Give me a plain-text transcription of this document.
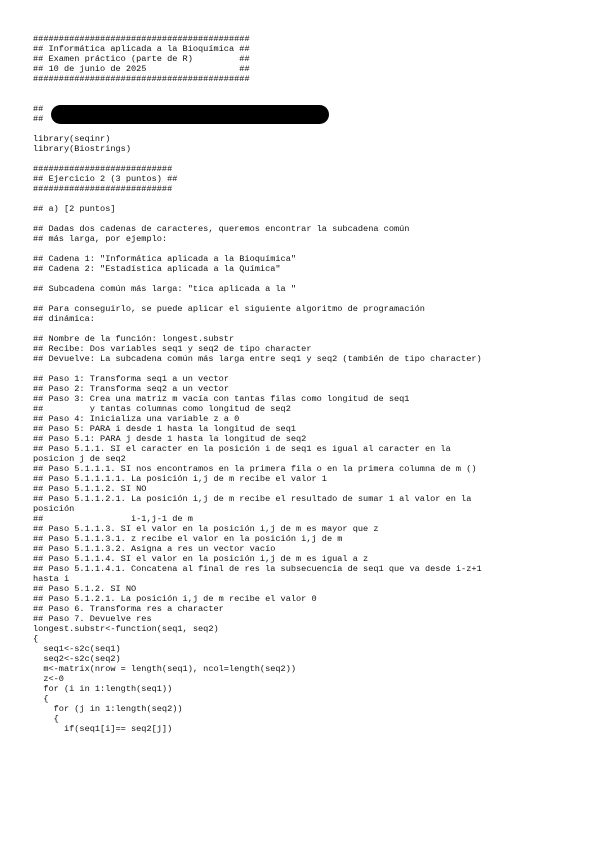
##########################################
## Informática aplicada a la Bioquímica ##
## Examen práctico (parte de R)         ##
## 10 de junio de 2025                  ##
##########################################
##
##
library(seqinr)
library(Biostrings)
###########################
## Ejercicio 2 (3 puntos) ##
###########################
## a) [2 puntos]
## Dadas dos cadenas de caracteres, queremos encontrar la subcadena común
## más larga, por ejemplo:
## Cadena 1: "Informática aplicada a la Bioquímica"
## Cadena 2: "Estadística aplicada a la Química"
## Subcadena común más larga: "tica aplicada a la "
## Para conseguirlo, se puede aplicar el siguiente algoritmo de programación
## dinámica:
## Nombre de la función: longest.substr
## Recibe: Dos variables seq1 y seq2 de tipo character
## Devuelve: La subcadena común más larga entre seq1 y seq2 (también de tipo character)
## Paso 1: Transforma seq1 a un vector
## Paso 2: Transforma seq2 a un vector
## Paso 3: Crea una matriz m vacía con tantas filas como longitud de seq1
##         y tantas columnas como longitud de seq2
## Paso 4: Inicializa una variable z a 0
## Paso 5: PARA i desde 1 hasta la longitud de seq1
## Paso 5.1: PARA j desde 1 hasta la longitud de seq2
## Paso 5.1.1. SI el caracter en la posición i de seq1 es igual al caracter en la
posicion j de seq2
## Paso 5.1.1.1. SI nos encontramos en la primera fila o en la primera columna de m ()
## Paso 5.1.1.1.1. La posición i,j de m recibe el valor 1
## Paso 5.1.1.2. SI NO
## Paso 5.1.1.2.1. La posición i,j de m recibe el resultado de sumar 1 al valor en la
posición
##                 i-1,j-1 de m
## Paso 5.1.1.3. SI el valor en la posición i,j de m es mayor que z
## Paso 5.1.1.3.1. z recibe el valor en la posición i,j de m
## Paso 5.1.1.3.2. Asigna a res un vector vacío
## Paso 5.1.1.4. SI el valor en la posición i,j de m es igual a z
## Paso 5.1.1.4.1. Concatena al final de res la subsecuencia de seq1 que va desde i-z+1
hasta i
## Paso 5.1.2. SI NO
## Paso 5.1.2.1. La posición i,j de m recibe el valor 0
## Paso 6. Transforma res a character
## Paso 7. Devuelve res
longest.substr<-function(seq1, seq2)
{
seq1<-s2c(seq1)
seq2<-s2c(seq2)
m<-matrix(nrow = length(seq1), ncol=length(seq2))
z<-0
for (i in 1:length(seq1))
{
for (j in 1:length(seq2))
{
if(seq1[i]== seq2[j])
